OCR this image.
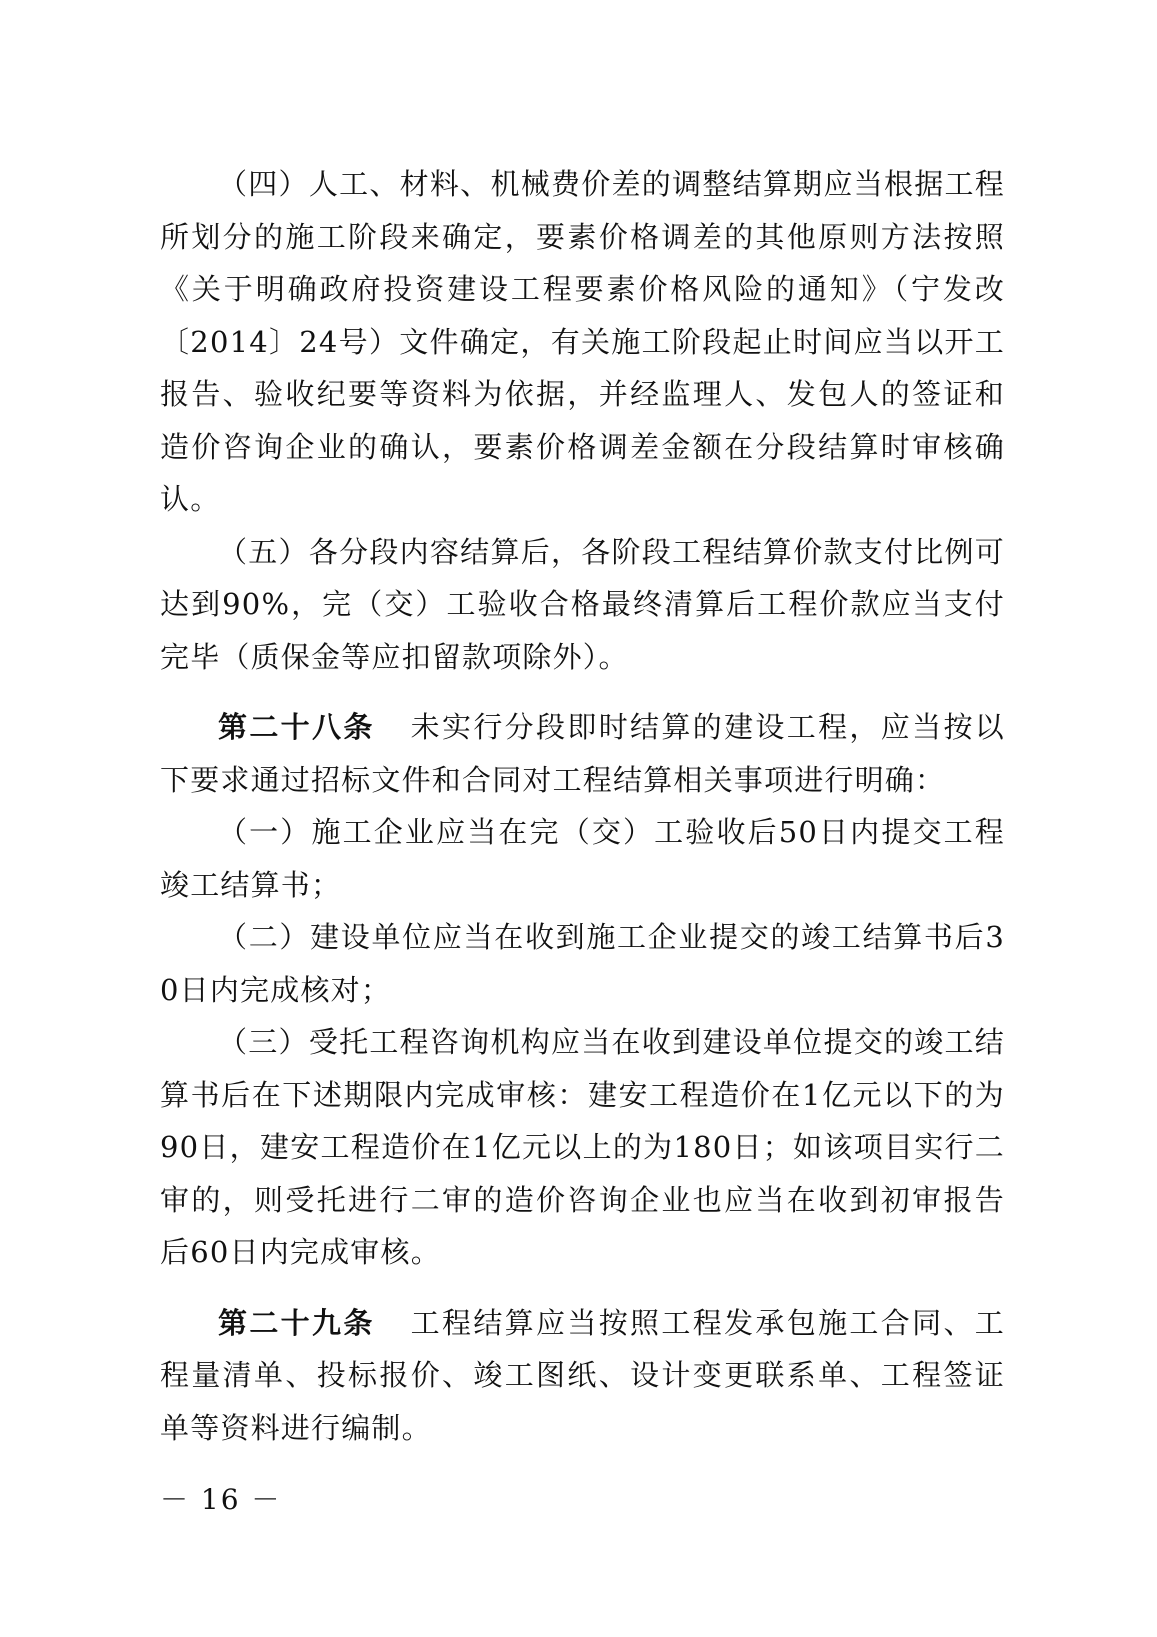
（四）人工、材料、机械费价差的调整结算期应当根据工程所划分的施工阶段来确定，要素价格调差的其他原则方法按照《关于明确政府投资建设工程要素价格风险的通知》（宁发改〔2014〕24号）文件确定，有关施工阶段起止时间应当以开工报告、验收纪要等资料为依据，并经监理人、发包人的签证和造价咨询企业的确认，要素价格调差金额在分段结算时审核确认。

（五）各分段内容结算后，各阶段工程结算价款支付比例可达到90%，完（交）工验收合格最终清算后工程价款应当支付完毕（质保金等应扣留款项除外）。

第二十八条 未实行分段即时结算的建设工程，应当按以下要求通过招标文件和合同对工程结算相关事项进行明确：

（一）施工企业应当在完（交）工验收后50日内提交工程竣工结算书；

（二）建设单位应当在收到施工企业提交的竣工结算书后30日内完成核对；

（三）受托工程咨询机构应当在收到建设单位提交的竣工结算书后在下述期限内完成审核：建安工程造价在1亿元以下的为90日，建安工程造价在1亿元以上的为180日；如该项目实行二审的，则受托进行二审的造价咨询企业也应当在收到初审报告后60日内完成审核。

第二十九条 工程结算应当按照工程发承包施工合同、工程量清单、投标报价、竣工图纸、设计变更联系单、工程签证单等资料进行编制。

－ 16 －
